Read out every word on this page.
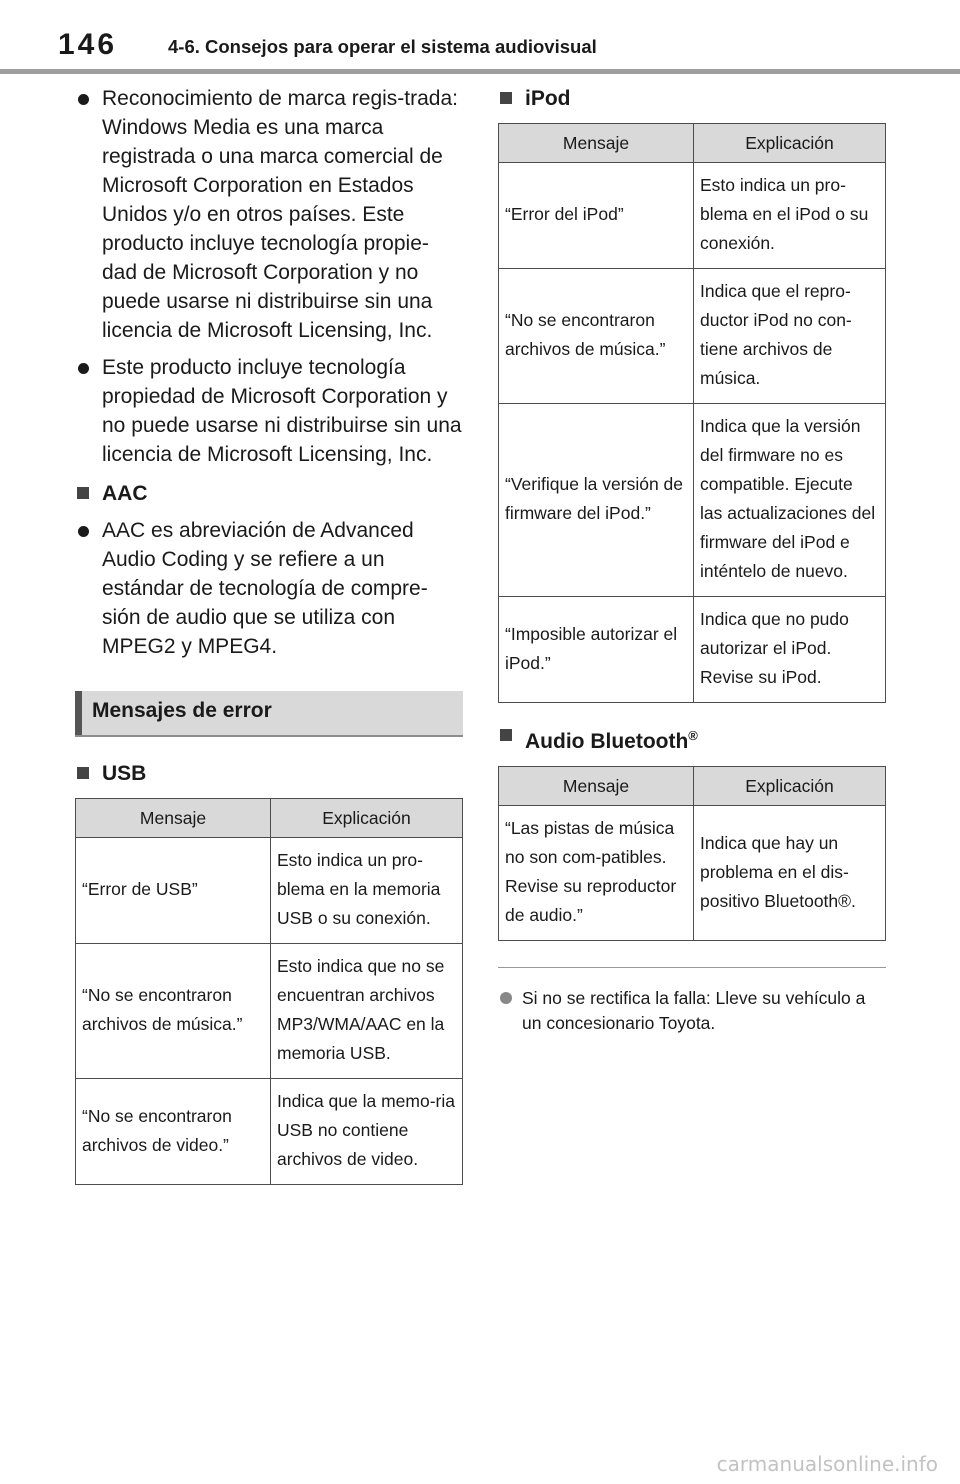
146	4-6. Consejos para operar el sistema audiovisual

Reconocimiento de marca regis-trada: Windows Media es una marca registrada o una marca comercial de Microsoft Corporation en Estados Unidos y/o en otros países. Este producto incluye tecnología propie-dad de Microsoft Corporation y no puede usarse ni distribuirse sin una licencia de Microsoft Licensing, Inc.

Este producto incluye tecnología propiedad de Microsoft Corporation y no puede usarse ni distribuirse sin una licencia de Microsoft Licensing, Inc.

AAC

AAC es abreviación de Advanced Audio Coding y se refiere a un estándar de tecnología de compre-sión de audio que se utiliza con MPEG2 y MPEG4.

Mensajes de error
USB
Mensaje	Explicación
“Error de USB”	Esto indica un pro-blema en la memoria USB o su conexión.
“No se encontraron archivos de música.”	Esto indica que no se encuentran archivos MP3/WMA/AAC en la memoria USB.
“No se encontraron archivos de video.”	Indica que la memo-ria USB no contiene archivos de video.
iPod
Mensaje	Explicación
“Error del iPod”	Esto indica un pro-blema en el iPod o su conexión.
“No se encontraron archivos de música.”	Indica que el repro-ductor iPod no con-tiene archivos de música.
“Verifique la versión de firmware del iPod.”	Indica que la versión del firmware no es compatible. Ejecute las actualizaciones del firmware del iPod e inténtelo de nuevo.
“Imposible autorizar el iPod.”	Indica que no pudo autorizar el iPod. Revise su iPod.
Audio Bluetooth®
Mensaje	Explicación
“Las pistas de música no son com-patibles. Revise su reproductor de audio.”	Indica que hay un problema en el dis-positivo Bluetooth®.

Si no se rectifica la falla: Lleve su vehículo a un concesionario Toyota.

carmanualsonline.info
